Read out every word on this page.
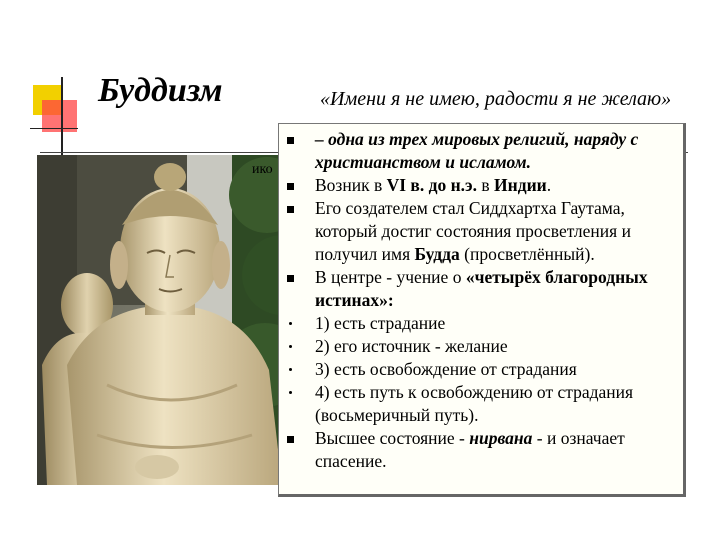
Буддизм	«Имени я не имею, радости я не желаю»
ико
– одна из трех мировых религий, наряду с христианством и исламом.
Возник в VI в. до н.э. в Индии.
Его создателем стал Сиддхартха Гаутама, который достиг состояния просветления и получил имя Будда (просветлённый).
В центре - учение о «четырёх благородных истинах»:
1) есть страдание
2) его источник - желание
3) есть освобождение от страдания
4) есть путь к освобождению от страдания (восьмеричный путь).
Высшее состояние - нирвана - и означает спасение.
